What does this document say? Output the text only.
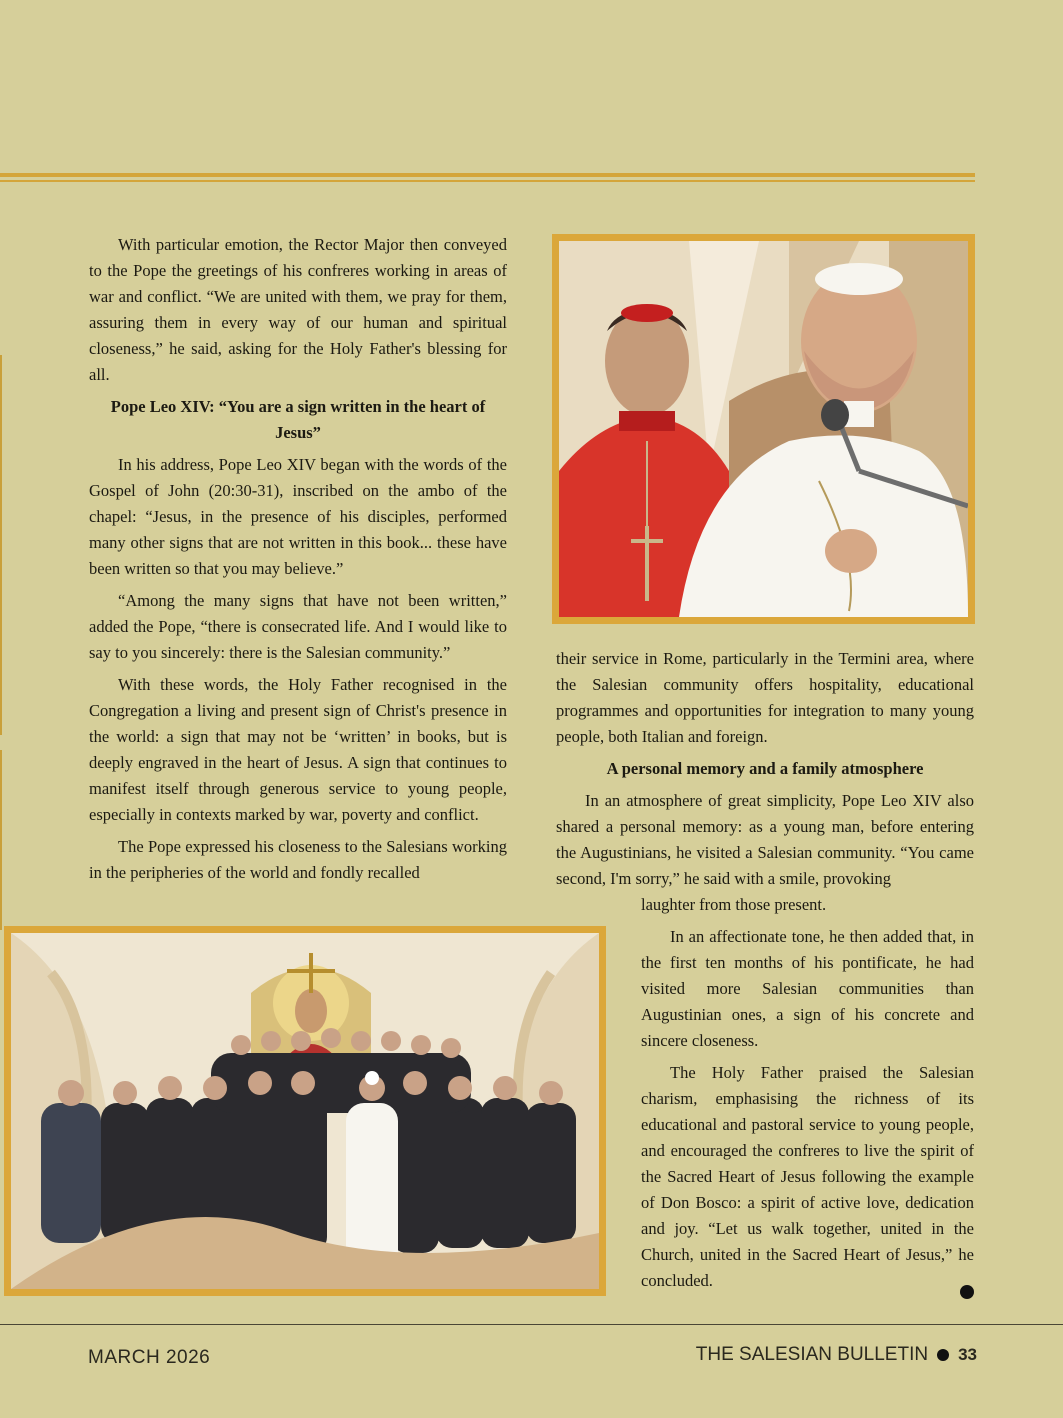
With particular emotion, the Rector Major then conveyed to the Pope the greetings of his confreres working in areas of war and conflict. “We are united with them, we pray for them, assuring them in every way of our human and spiritual closeness,” he said, asking for the Holy Father's blessing for all.

Pope Leo XIV: “You are a sign written in the heart of Jesus”

In his address, Pope Leo XIV began with the words of the Gospel of John (20:30-31), inscribed on the ambo of the chapel: “Jesus, in the presence of his disciples, performed many other signs that are not written in this book... these have been written so that you may believe.”

“Among the many signs that have not been written,” added the Pope, “there is consecrated life. And I would like to say to you sincerely: there is the Salesian community.”

With these words, the Holy Father recognised in the Congregation a living and present sign of Christ's presence in the world: a sign that may not be ‘written’ in books, but is deeply engraved in the heart of Jesus. A sign that continues to manifest itself through generous service to young people, especially in contexts marked by war, poverty and conflict.

The Pope expressed his closeness to the Salesians working in the peripheries of the world and fondly recalled

their service in Rome, particularly in the Termini area, where the Salesian community offers hospitality, educational programmes and opportunities for integration to many young people, both Italian and foreign.

A personal memory and a family atmosphere

In an atmosphere of great simplicity, Pope Leo XIV also shared a personal memory: as a young man, before entering the Augustinians, he visited a Salesian community. “You came second, I'm sorry,” he said with a smile, provoking

laughter from those present.

In an affectionate tone, he then added that, in the first ten months of his pontificate, he had visited more Salesian communities than Augustinian ones, a sign of his concrete and sincere closeness.

The Holy Father praised the Salesian charism, emphasising the richness of its educational and pastoral service to young people, and encouraged the confreres to live the spirit of the Sacred Heart of Jesus following the example of Don Bosco: a spirit of active love, dedication and joy. “Let us walk together, united in the Church, united in the Sacred Heart of Jesus,” he concluded.

MARCH 2026	THE SALESIAN BULLETIN 33
